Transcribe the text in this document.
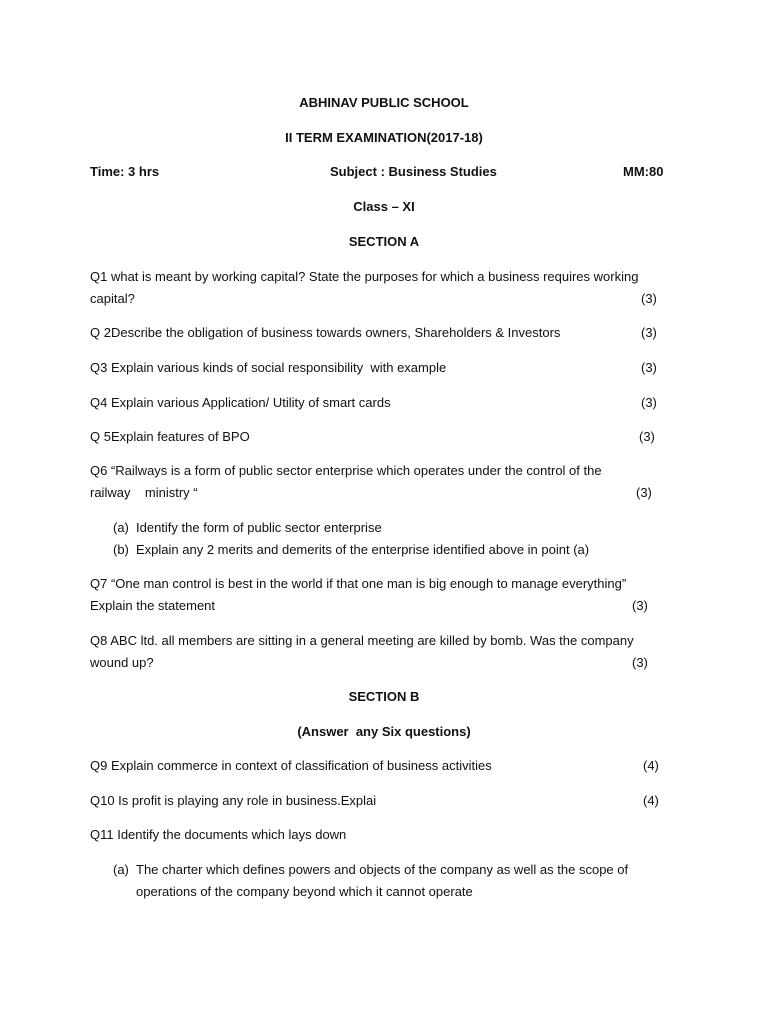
ABHINAV PUBLIC SCHOOL
II TERM EXAMINATION(2017-18)
Time: 3 hrs	Subject : Business Studies	MM:80
Class – XI
SECTION A
Q1 what is meant by working capital? State the purposes for which a business requires working
capital?	(3)
Q 2Describe the obligation of business towards owners, Shareholders & Investors	(3)
Q3 Explain various kinds of social responsibility  with example	(3)
Q4 Explain various Application/ Utility of smart cards	(3)
Q 5Explain features of BPO	(3)
Q6 “Railways is a form of public sector enterprise which operates under the control of the
railway    ministry “	(3)
(a) Identify the form of public sector enterprise
(b) Explain any 2 merits and demerits of the enterprise identified above in point (a)
Q7 “One man control is best in the world if that one man is big enough to manage everything”
Explain the statement	(3)
Q8 ABC ltd. all members are sitting in a general meeting are killed by bomb. Was the company
wound up?	(3)
SECTION B
(Answer  any Six questions)
Q9 Explain commerce in context of classification of business activities	(4)
Q10 Is profit is playing any role in business.Explai	(4)
Q11 Identify the documents which lays down
(a) The charter which defines powers and objects of the company as well as the scope of
operations of the company beyond which it cannot operate
